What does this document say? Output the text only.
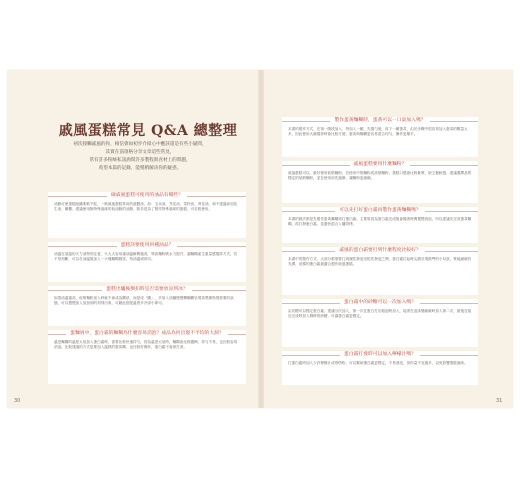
戚風蛋糕常見 Q&A 總整理
初次接觸戚風的你，相信會如初步介紹心中應該還是有些小疑問，
其實在前項格分享文章這些常見，
常有許多粉絲私訊詢問許多製程與食材上的問題，
希望本篇的記錄，能稍稍解決你的疑惑。
做戚風蛋糕可使用的油品有哪些？
油脂可使蛋糕組織柔軟不乾，一般戚風蛋糕常用的液體油，如：玉米油、芥花油、菜籽油、葵花油，和不建議添加花生油、橄欖、建議使用無特殊風味的低油脂的油脂，除非是為了製作特殊風味的蛋糕，可另酌使用。
蛋糕該要使用何種油品？
油溫在加溫的火力須特別注意，火大大容易讓油溫瞬間過高，導致麵粉吸水力提升，讓麵糊產生重量感攪拌方式，若不易判斷，可以在油溫後加入一小塊麵糊測試，待油溫到即可。
蛋糕出爐後倒扣時是否需要放涼到冰？
如果油溫過高，低筋麵粉加入時就不會成為糊狀，而是成「團」，多加入油鍋慢慢轉麵糊呈現黃黑雜物則需要的狀態，可以慢慢加入加加到的判別出來，可藉此搭配溫度多冷卻小即可。
蛋麵屑中，蛋白霜的麵糊為什麼容易消泡？成品為何出現不平均的大洞？
溫是麵糊的溫度太低加入蛋白霜時，需要比較快速拌勻，因為溫度太低時，麵糊會比較濃稠，拌勻不易，也比較容易消泡。比較建議的方式是要加入溫熱的蛋黃糊，也比較好操作，蛋白霜不會被打消。
製作蛋黃麵糊時，蛋黃可以一口氣加入嗎？
本書的製作方式，在第一階段加入，每加入一顆，先攪勻後，再下一顆蛋黃，由於步驟中很容易加入蛋黃的數量太多，因此使用大碗攪拌時會比較方便，蛋黃與麵糊更容易混合均勻，操作更順手。
戚風蛋糕要用什麼麵粉？
戚風蛋糕可以，最好使用低筋麵粉，若使用中筋麵粉或高筋麵粉，蛋糕口感會比較紮實，缺乏鬆軟感，建議選擇品質穩定的低筋麵粉，並在使用前先過篩，讓麵粉更細緻。
可以先打好蛋白霜再製作蛋黃麵糊嗎？
本書的做法都是先製作蛋黃麵糊再打蛋白霜。主要原因為蛋白霜完成後會隨著時間慢慢消泡，所以建議先完成蛋黃麵糊，再打發蛋白霜，並盡快混合入爐烘烤。
戚風的蛋白霜要打到什麼程度比較好？
本書中的製作方式，大部分都需要打到濕性發泡至乾性發泡之間，蛋白霜拉起時尖端呈現微彎的小勾狀，質地細緻有光澤，這樣的蛋白霜最適合製作戚風蛋糕。
蛋白霜中的砂糖可以一次加入嗎？
由於糖可以穩定蛋白霜，建議分次加入，第一次在蛋白打出粗泡時加入，接著在泡沫變細緻時加入第二次，最後在接近完成時加入剩餘的砂糖，可讓蛋白霜更穩定。
蛋白霜打發時可以加入檸檬汁嗎？
打蛋白霜時加入少許檸檬汁或塔塔粉，可以幫助蛋白霜更穩定，不易消泡，但份量不宜過多，以免影響蛋糕風味。
30	31
